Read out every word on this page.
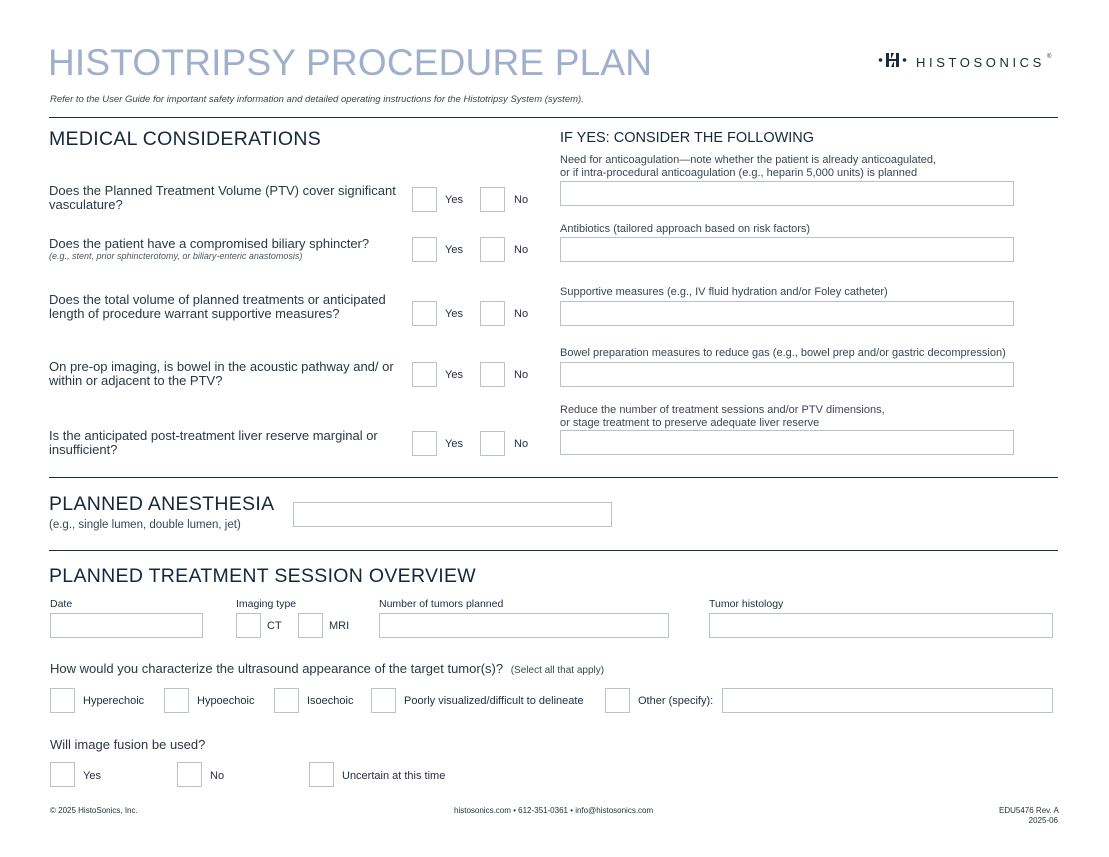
HISTOTRIPSY PROCEDURE PLAN
Refer to the User Guide for important safety information and detailed operating instructions for the Histotripsy System (system).
HISTOSONICS ®
MEDICAL CONSIDERATIONS	IF YES: CONSIDER THE FOLLOWING
Does the Planned Treatment Volume (PTV) cover significant vasculature?	Yes	No
Need for anticoagulation—note whether the patient is already anticoagulated,
or if intra-procedural anticoagulation (e.g., heparin 5,000 units) is planned
Does the patient have a compromised biliary sphincter?
(e.g., stent, prior sphincterotomy, or biliary-enteric anastomosis)	Yes	No
Antibiotics (tailored approach based on risk factors)
Does the total volume of planned treatments or anticipated length of procedure warrant supportive measures?	Yes	No
Supportive measures (e.g., IV fluid hydration and/or Foley catheter)
On pre-op imaging, is bowel in the acoustic pathway and/ or within or adjacent to the PTV?	Yes	No
Bowel preparation measures to reduce gas (e.g., bowel prep and/or gastric decompression)
Is the anticipated post-treatment liver reserve marginal or insufficient?	Yes	No
Reduce the number of treatment sessions and/or PTV dimensions,
or stage treatment to preserve adequate liver reserve
PLANNED ANESTHESIA
(e.g., single lumen, double lumen, jet)
PLANNED TREATMENT SESSION OVERVIEW
Date	Imaging type
CT	MRI
Number of tumors planned	Tumor histology
How would you characterize the ultrasound appearance of the target tumor(s)? (Select all that apply)
Hyperechoic	Hypoechoic	Isoechoic	Poorly visualized/difficult to delineate	Other (specify):
Will image fusion be used?
Yes	No	Uncertain at this time
© 2025 HistoSonics, Inc.	histosonics.com • 612-351-0361 • info@histosonics.com	EDU5476 Rev. A
2025-06
